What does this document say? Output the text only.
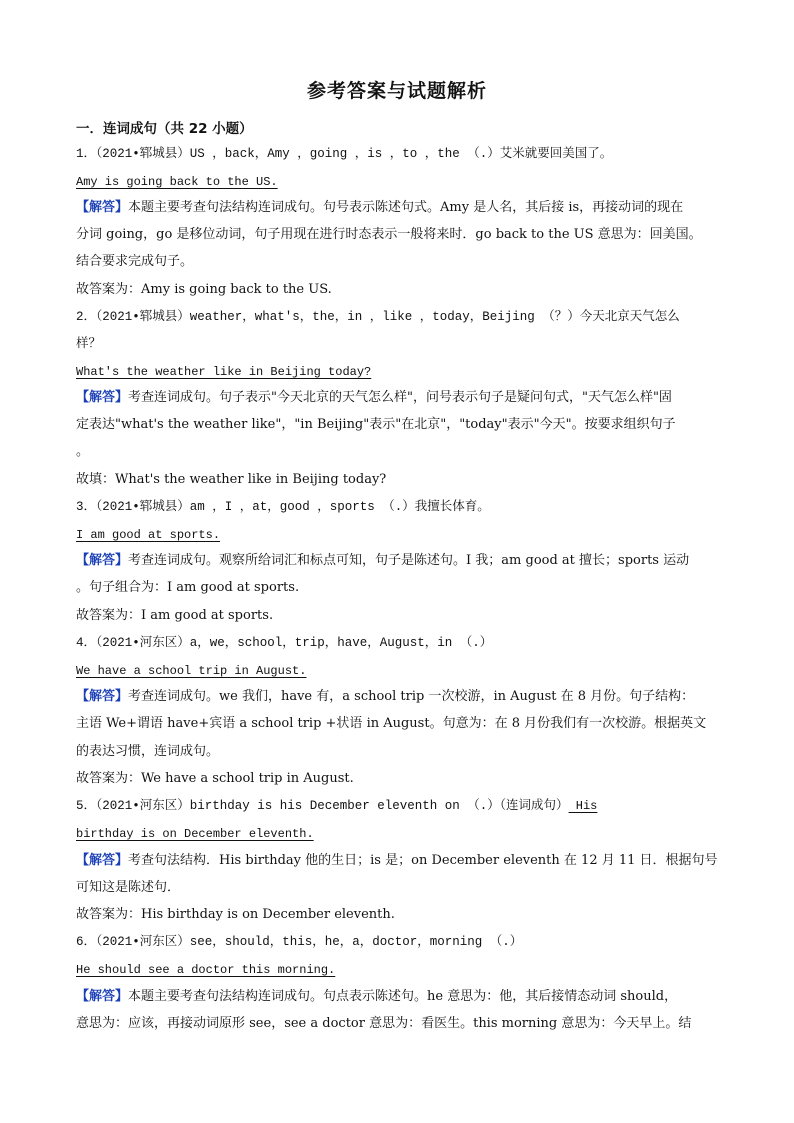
参考答案与试题解析
一．连词成句（共 22 小题）
1．（2021•郓城县）US ，back，Amy ，going ，is ，to ，the （.）艾米就要回美国了。
Amy is going back to the US.
【解答】本题主要考查句法结构连词成句。句号表示陈述句式。Amy 是人名，其后接 is，再接动词的现在
分词 going，go 是移位动词，句子用现在进行时态表示一般将来时．go back to the US 意思为：回美国。
结合要求完成句子。
故答案为：Amy is going back to the US.
2．（2021•郓城县）weather，what's，the，in ，like ，today，Beijing （？）今天北京天气怎么
样？
What's the weather like in Beijing today?
【解答】考查连词成句。句子表示"今天北京的天气怎么样"，问号表示句子是疑问句式，"天气怎么样"固
定表达"what's the weather like"，"in Beijing"表示"在北京"，"today"表示"今天"。按要求组织句子
。
故填：What's the weather like in Beijing today?
3．（2021•郓城县）am ，I ，at，good ，sports （.）我擅长体育。
I am good at sports.
【解答】考查连词成句。观察所给词汇和标点可知，句子是陈述句。I 我；am good at 擅长；sports 运动
。句子组合为：I am good at sports.
故答案为：I am good at sports.
4．（2021•河东区）a，we，school，trip，have，August，in （.）
We have a school trip in August.
【解答】考查连词成句。we 我们，have 有，a school trip 一次校游，in August 在 8 月份。句子结构：
主语 We+谓语 have+宾语 a school trip +状语 in August。句意为：在 8 月份我们有一次校游。根据英文
的表达习惯，连词成句。
故答案为：We have a school trip in August.
5．（2021•河东区）birthday is his December eleventh on （.）（连词成句） His
birthday is on December eleventh.
【解答】考查句法结构．His birthday 他的生日；is 是；on December eleventh 在 12 月 11 日．根据句号
可知这是陈述句．
故答案为：His birthday is on December eleventh.
6．（2021•河东区）see，should，this，he，a，doctor，morning （.）
He should see a doctor this morning.
【解答】本题主要考查句法结构连词成句。句点表示陈述句。he 意思为：他，其后接情态动词 should，
意思为：应该，再接动词原形 see，see a doctor 意思为：看医生。this morning 意思为：今天早上。结
